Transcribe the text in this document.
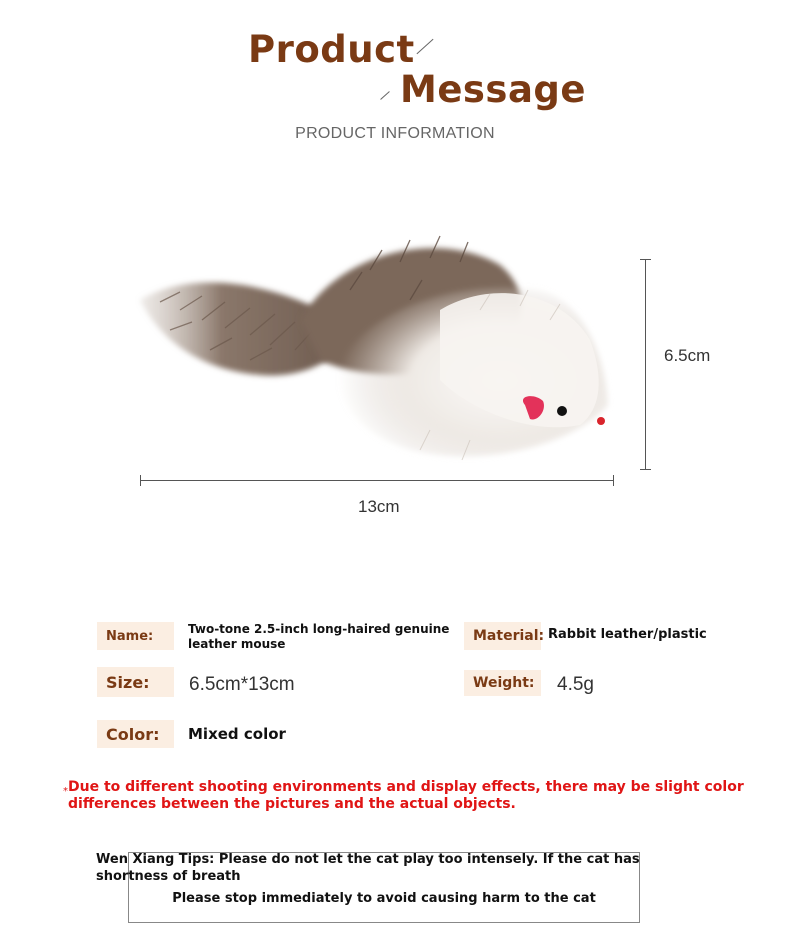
Product
Message
PRODUCT INFORMATION
6.5cm
13cm
Name:	Two-tone 2.5-inch long-haired genuine leather mouse	Material: Rabbit leather/plastic
Size:	6.5cm*13cm	Weight:	4.5g
Color:	Mixed color
* Due to different shooting environments and display effects, there may be slight color differences between the pictures and the actual objects.
Wen Xiang Tips: Please do not let the cat play too intensely. If the cat has shortness of breath
Please stop immediately to avoid causing harm to the cat
